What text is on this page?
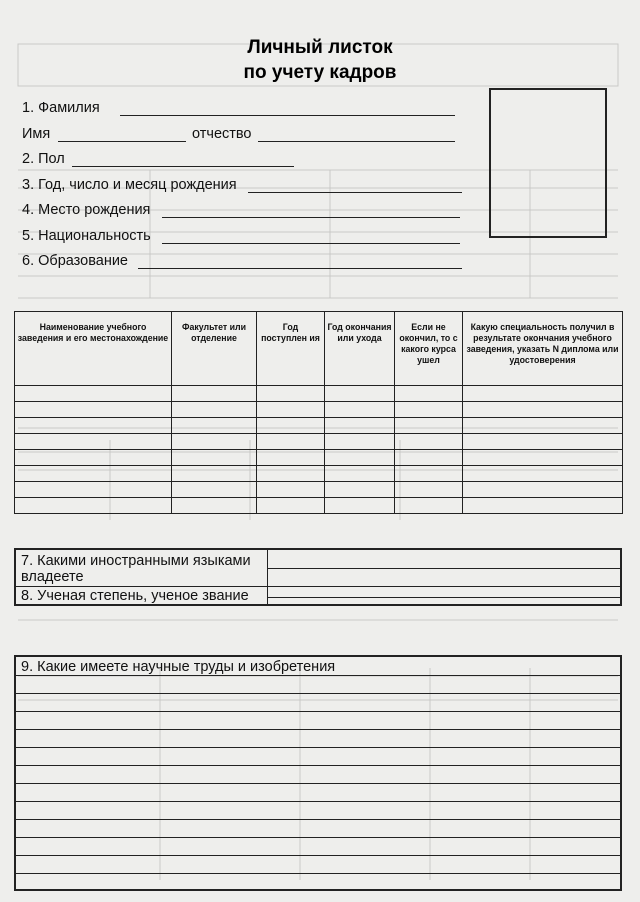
Личный листок
по учету кадров
1. Фамилия
Имя	отчество
2. Пол
3. Год, число и месяц рождения
4. Место рождения
5. Национальность
6. Образование
Наименование учебного заведения и его местонахождение	Факультет или отделение	Год поступлен ия	Год окончания или ухода	Если не окончил, то с какого курса ушел	Какую специальность получил в результате окончания учебного заведения, указать N диплома или удостоверения

7. Какими иностранными языками владеете
8. Ученая степень, ученое звание
9. Какие имеете научные труды и изобретения
